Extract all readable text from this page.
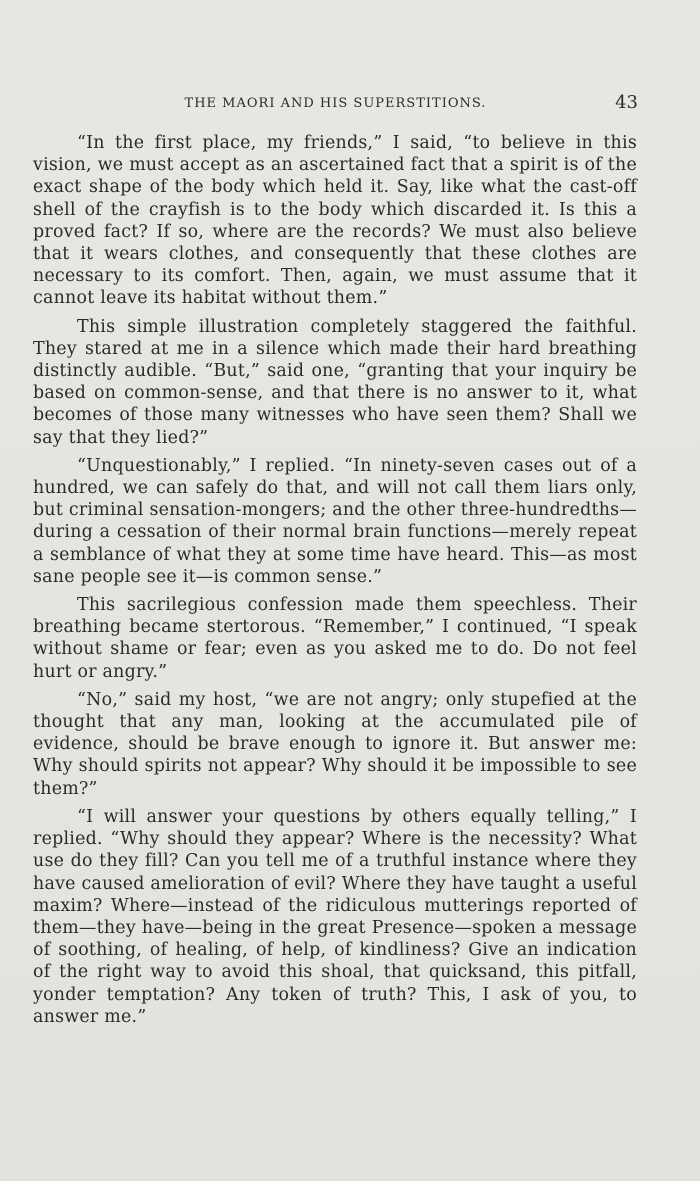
THE MAORI AND HIS SUPERSTITIONS.	43

“In the first place, my friends,” I said, “to believe in this vision, we must accept as an ascertained fact that a spirit is of the exact shape of the body which held it. Say, like what the cast-off shell of the crayfish is to the body which discarded it. Is this a proved fact? If so, where are the records? We must also believe that it wears clothes, and consequently that these clothes are necessary to its comfort. Then, again, we must assume that it cannot leave its habitat without them.”

This simple illustration completely staggered the faithful. They stared at me in a silence which made their hard breathing distinctly audible. “But,” said one, “granting that your inquiry be based on common-sense, and that there is no answer to it, what becomes of those many witnesses who have seen them? Shall we say that they lied?”

“Unquestionably,” I replied. “In ninety-seven cases out of a hundred, we can safely do that, and will not call them liars only, but criminal sensation-mongers; and the other three-hundredths—during a cessation of their normal brain functions—merely repeat a semblance of what they at some time have heard. This—as most sane people see it—is common sense.”

This sacrilegious confession made them speechless. Their breathing became stertorous. “Remember,” I continued, “I speak without shame or fear; even as you asked me to do. Do not feel hurt or angry.”

“No,” said my host, “we are not angry; only stupefied at the thought that any man, looking at the accumulated pile of evidence, should be brave enough to ignore it. But answer me: Why should spirits not appear? Why should it be impossible to see them?”

“I will answer your questions by others equally telling,” I replied. “Why should they appear? Where is the necessity? What use do they fill? Can you tell me of a truthful instance where they have caused amelioration of evil? Where they have taught a useful maxim? Where—instead of the ridiculous mutterings reported of them—they have—being in the great Presence—spoken a message of soothing, of healing, of help, of kindliness? Give an indication of the right way to avoid this shoal, that quicksand, this pitfall, yonder temptation? Any token of truth? This, I ask of you, to answer me.”
